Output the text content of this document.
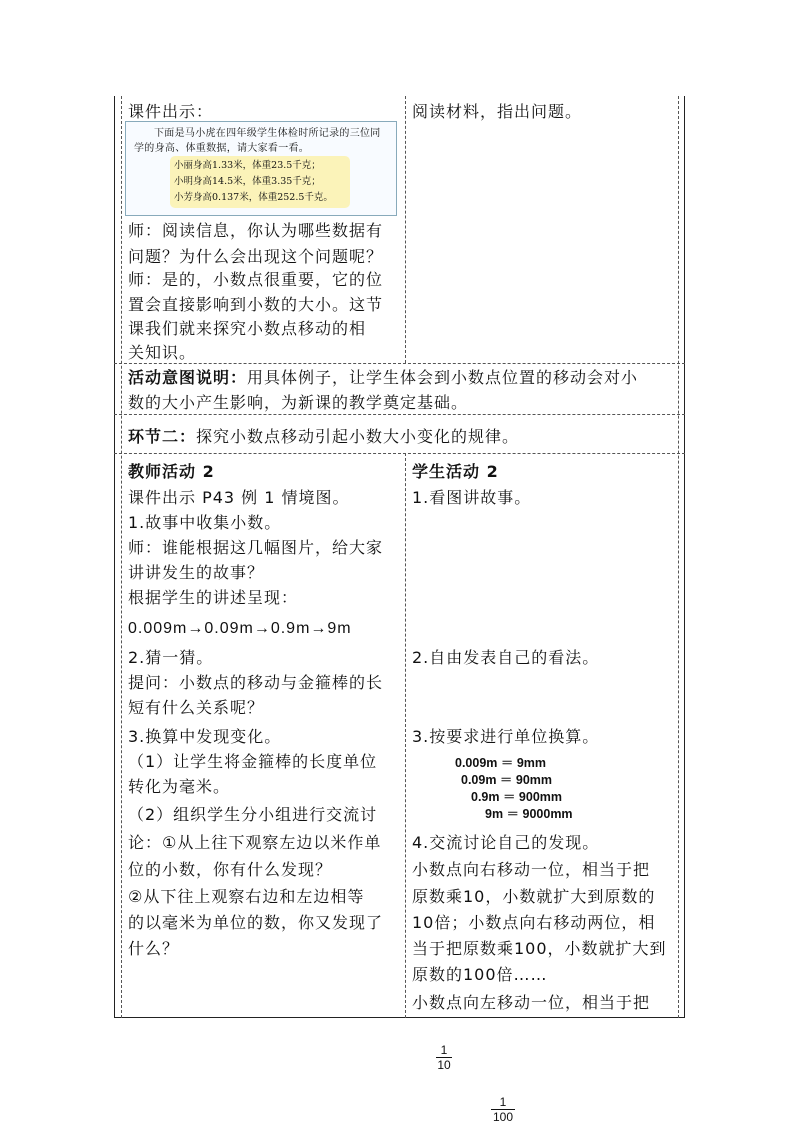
课件出示：
下面是马小虎在四年级学生体检时所记录的三位同学的身高、体重数据，请大家看一看。
小丽身高1.33米，体重23.5千克；
小明身高14.5米，体重3.35千克；
小芳身高0.137米，体重252.5千克。
师：阅读信息，你认为哪些数据有
问题？为什么会出现这个问题呢？
师：是的，小数点很重要，它的位
置会直接影响到小数的大小。这节
课我们就来探究小数点移动的相
关知识。
阅读材料，指出问题。
活动意图说明：用具体例子，让学生体会到小数点位置的移动会对小
数的大小产生影响，为新课的教学奠定基础。
环节二：探究小数点移动引起小数大小变化的规律。
教师活动 2
课件出示 P43 例 1 情境图。
1.故事中收集小数。
师：谁能根据这几幅图片，给大家
讲讲发生的故事？
根据学生的讲述呈现：
0.009m→0.09m→0.9m→9m
2.猜一猜。
提问：小数点的移动与金箍棒的长
短有什么关系呢？
3.换算中发现变化。
（1）让学生将金箍棒的长度单位
转化为毫米。
（2）组织学生分小组进行交流讨
论：①从上往下观察左边以米作单
位的小数，你有什么发现？
②从下往上观察右边和左边相等
的以毫米为单位的数，你又发现了
什么？
学生活动 2
1.看图讲故事。
2.自由发表自己的看法。
3.按要求进行单位换算。
0.009m ＝ 9mm
0.09m ＝ 90mm
0.9m ＝ 900mm
9m ＝ 9000mm
4.交流讨论自己的发现。
小数点向右移动一位，相当于把
原数乘10，小数就扩大到原数的
10倍；小数点向右移动两位，相
当于把原数乘100，小数就扩大到
原数的100倍……
小数点向左移动一位，相当于把
1
10
1
100
